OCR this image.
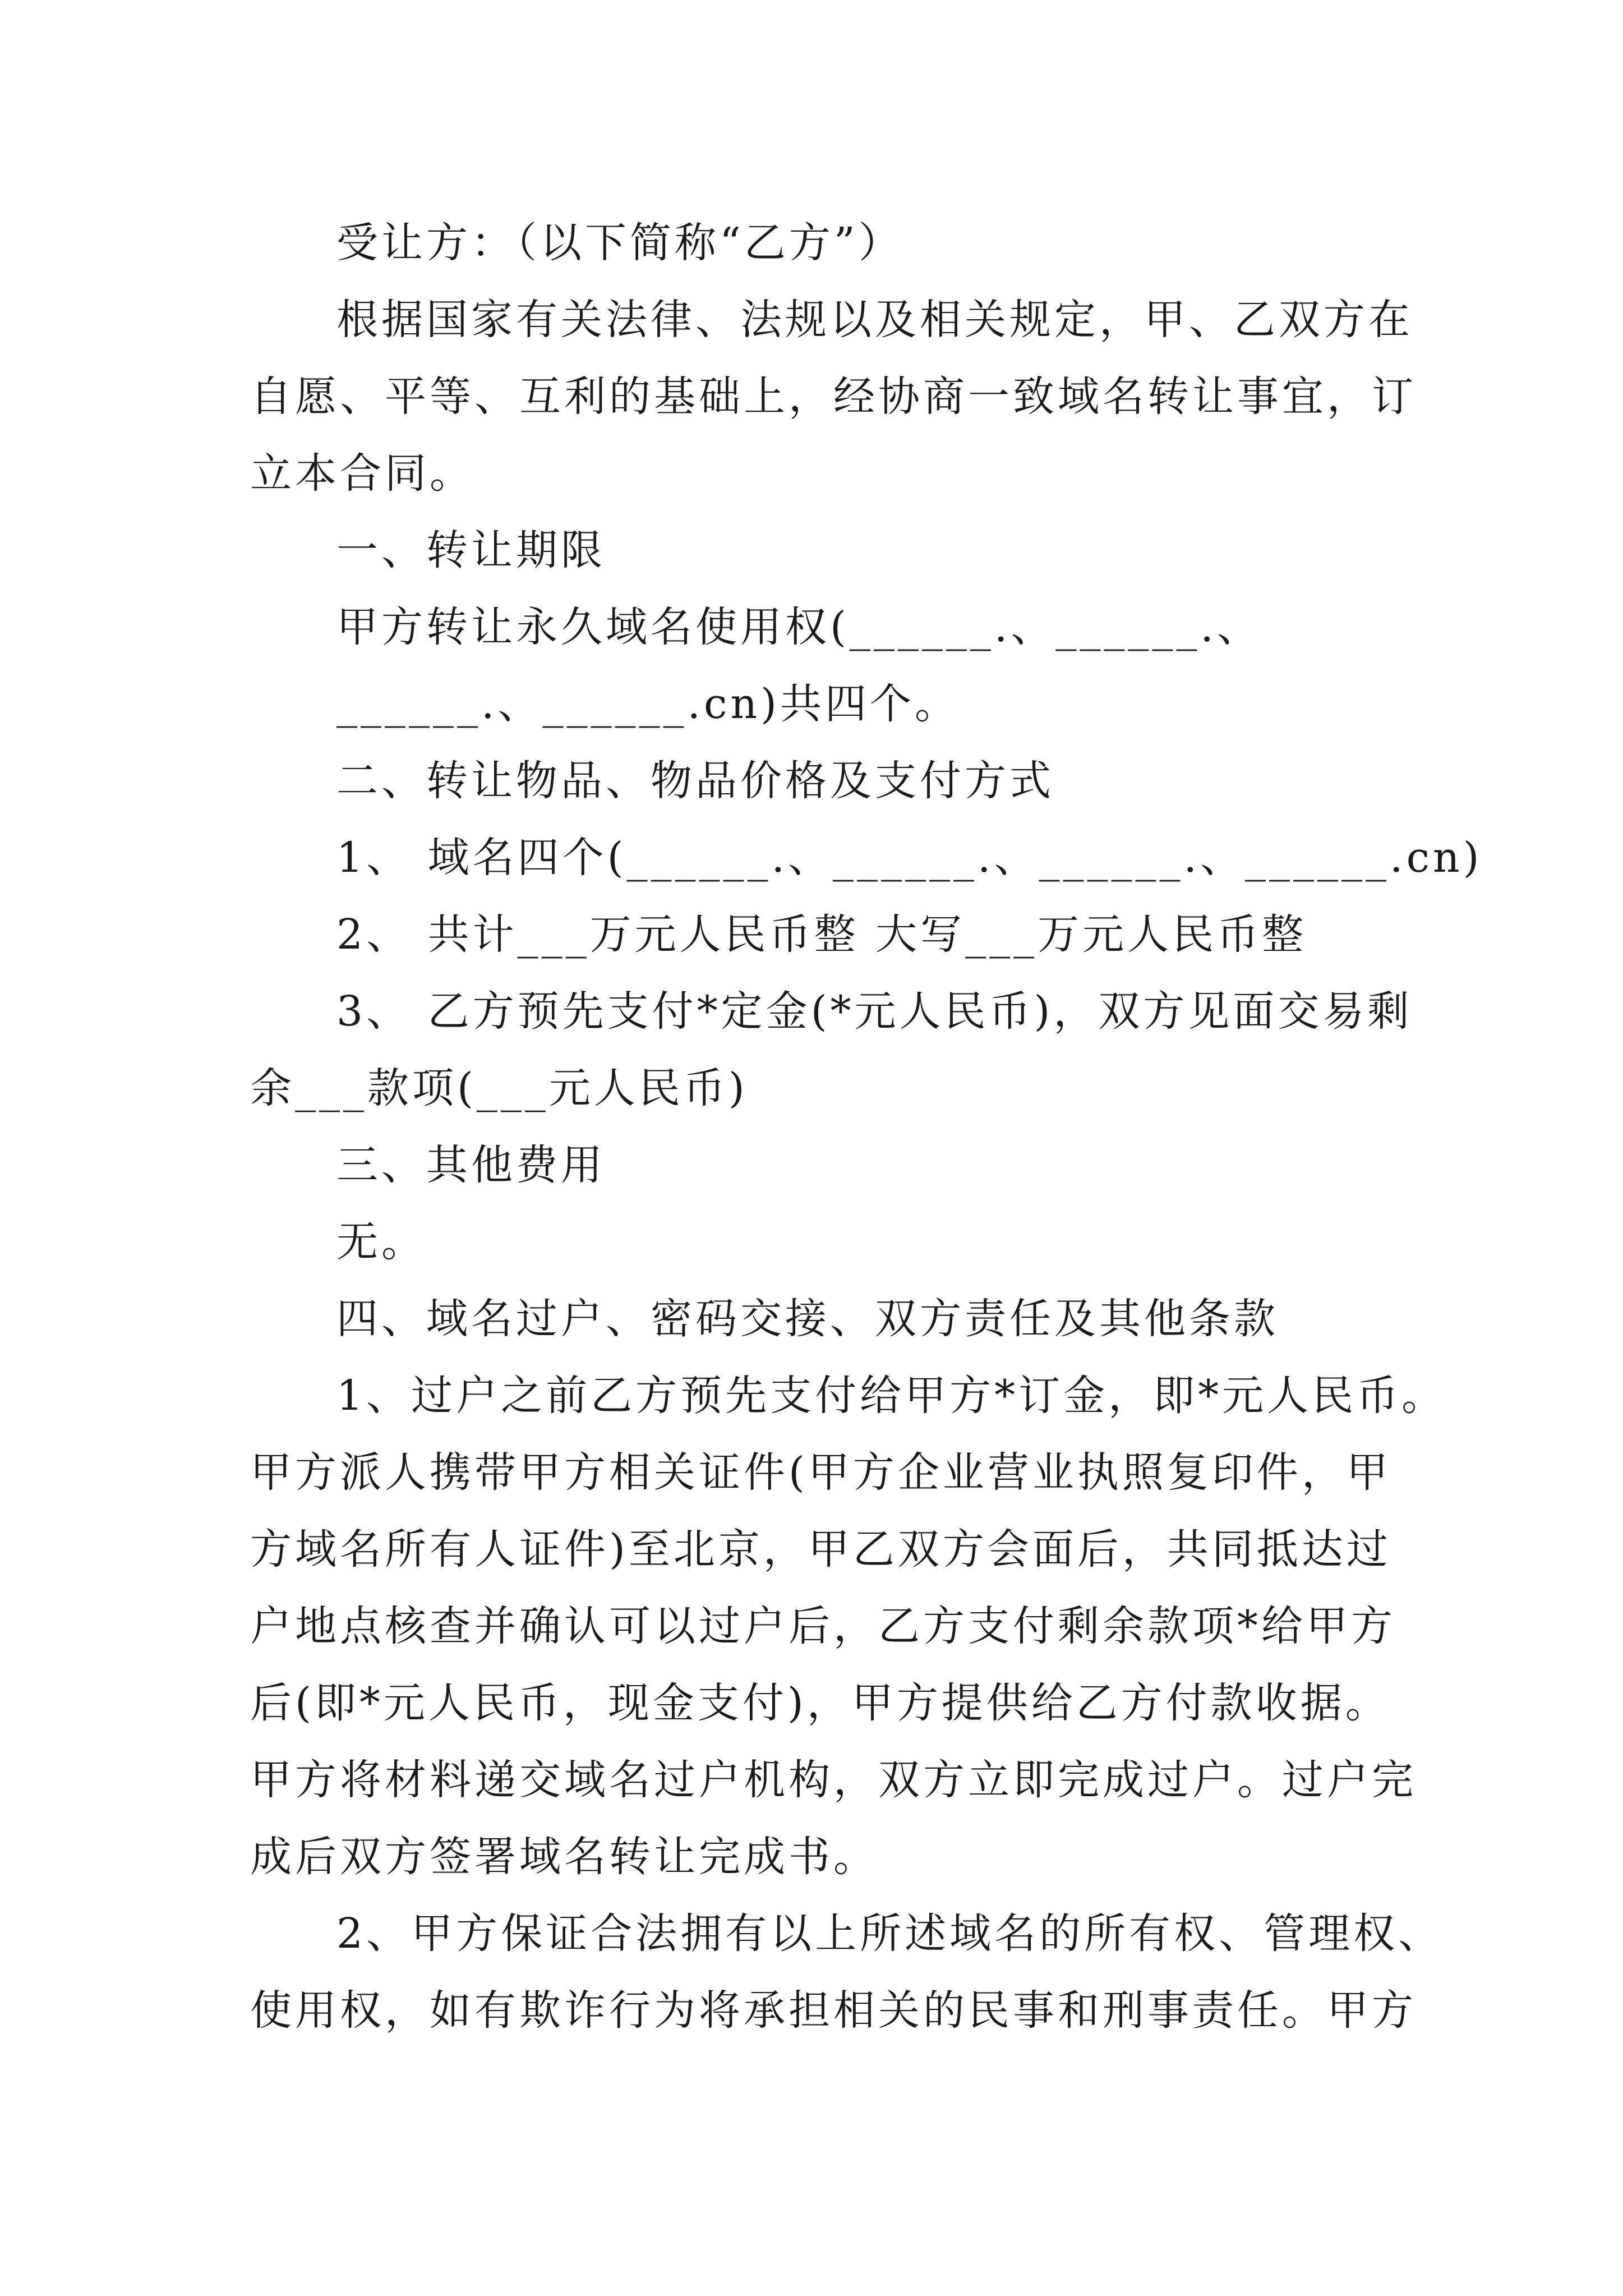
受让方：（以下简称“乙方”）
根据国家有关法律、法规以及相关规定，甲、乙双方在
自愿、平等、互利的基础上，经协商一致域名转让事宜，订
立本合同。
一、转让期限
甲方转让永久域名使用权(______.、______.、
______.、______.cn)共四个。
二、转让物品、物品价格及支付方式
1、 域名四个(______.、______.、______.、______.cn)
2、 共计___万元人民币整 大写___万元人民币整
3、 乙方预先支付*定金(*元人民币)，双方见面交易剩
余___款项(___元人民币)
三、其他费用
无。
四、域名过户、密码交接、双方责任及其他条款
1、过户之前乙方预先支付给甲方*订金，即*元人民币。
甲方派人携带甲方相关证件(甲方企业营业执照复印件，甲
方域名所有人证件)至北京，甲乙双方会面后，共同抵达过
户地点核查并确认可以过户后，乙方支付剩余款项*给甲方
后(即*元人民币，现金支付)，甲方提供给乙方付款收据。
甲方将材料递交域名过户机构，双方立即完成过户。过户完
成后双方签署域名转让完成书。
2、甲方保证合法拥有以上所述域名的所有权、管理权、
使用权，如有欺诈行为将承担相关的民事和刑事责任。甲方
